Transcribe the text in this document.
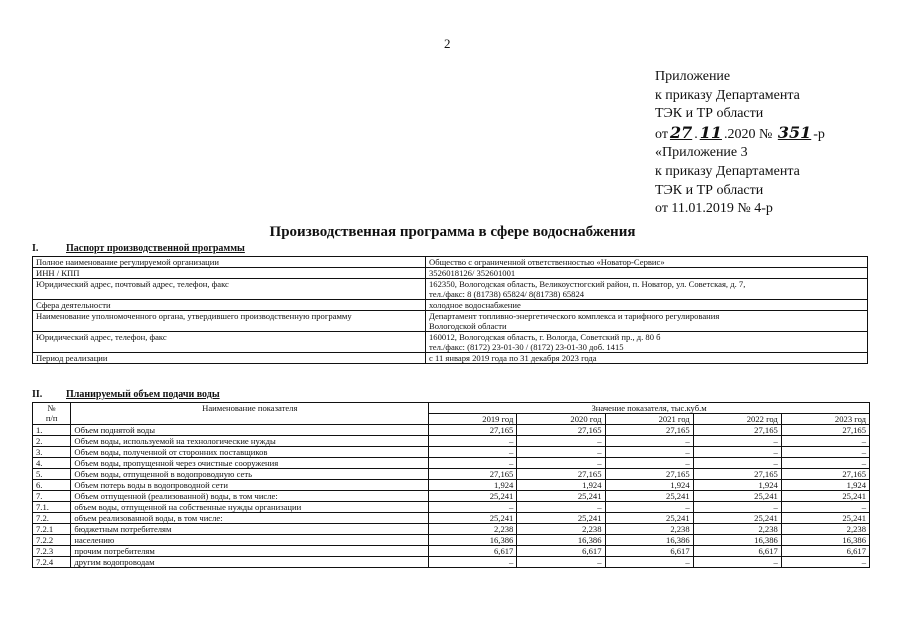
2
Приложение
к приказу Департамента
ТЭК и ТР области
от 27 . 11 .2020 № 351 -р
«Приложение 3
к приказу Департамента
ТЭК и ТР области
от 11.01.2019 № 4-р
Производственная программа в сфере водоснабжения
I.	Паспорт производственной программы
Полное наименование регулируемой организации	Общество с ограниченной ответственностью «Новатор-Сервис»

ИНН / КПП	3526018126/ 352601001

Юридический адрес, почтовый адрес, телефон, факс	162350, Вологодская область, Великоустюгский район, п. Новатор, ул. Советская, д. 7,
тел./факс: 8 (81738) 65824/ 8(81738) 65824

Сфера деятельности	холодное водоснабжение

Наименование уполномоченного органа, утвердившего производственную программу	Департамент топливно-энергетического комплекса и тарифного регулирования
Вологодской области

Юридический адрес, телефон, факс	160012, Вологодская область, г. Вологда, Советский пр., д. 80 б
тел./факс: (8172) 23-01-30 / (8172) 23-01-30 доб. 1415

Период реализации	с 11 января 2019 года по 31 декабря 2023 года
II. Планируемый объем подачи воды
№
п/п	Наименование показателя	Значение показателя, тыс.куб.м				
		2019 год	2020 год	2021 год	2022 год	2023 год
1.	Объем поднятой воды	27,165	27,165	27,165	27,165	27,165
2.	Объем воды, используемой на технологические нужды	–	–	–	–	–
3.	Объем воды, полученной от сторонних поставщиков	–	–	–	–	–
4.	Объем воды, пропущенной через очистные сооружения	–	–	–	–	–
5.	Объем воды, отпущенной в водопроводную сеть	27,165	27,165	27,165	27,165	27,165
6.	Объем потерь воды в водопроводной сети	1,924	1,924	1,924	1,924	1,924
7.	Объем отпущенной (реализованной) воды, в том числе:	25,241	25,241	25,241	25,241	25,241
7.1.	объем воды, отпущенной на собственные нужды организации	–	–	–	–	–
7.2.	объем реализованной воды, в том числе:	25,241	25,241	25,241	25,241	25,241
7.2.1	бюджетным потребителям	2,238	2,238	2,238	2,238	2,238
7.2.2	населению	16,386	16,386	16,386	16,386	16,386
7.2.3	прочим потребителям	6,617	6,617	6,617	6,617	6,617
7.2.4	другим водопроводам	–	–	–	–	–
